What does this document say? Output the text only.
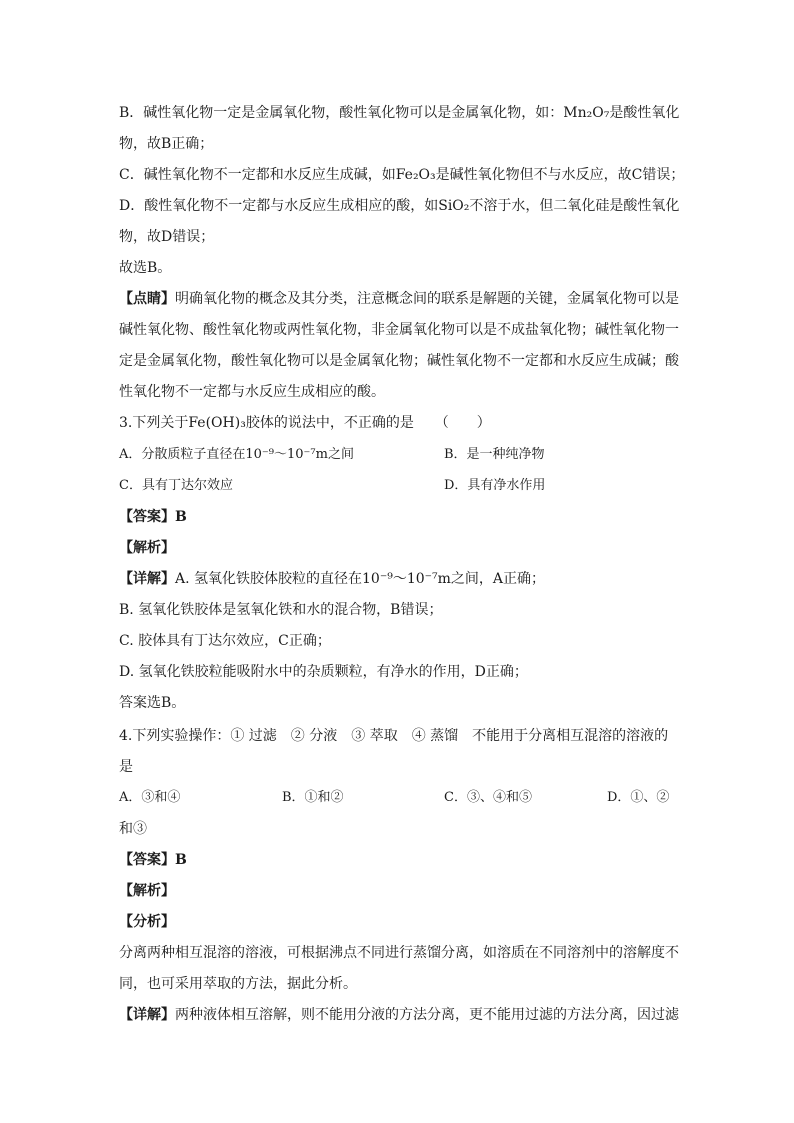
B．碱性氧化物一定是金属氧化物，酸性氧化物可以是金属氧化物，如：Mn₂O₇是酸性氧化
物，故B正确；
C．碱性氧化物不一定都和水反应生成碱，如Fe₂O₃是碱性氧化物但不与水反应，故C错误；
D．酸性氧化物不一定都与水反应生成相应的酸，如SiO₂不溶于水，但二氧化硅是酸性氧化
物，故D错误；
故选B。
【点睛】明确氧化物的概念及其分类，注意概念间的联系是解题的关键，金属氧化物可以是
碱性氧化物、酸性氧化物或两性氧化物，非金属氧化物可以是不成盐氧化物；碱性氧化物一
定是金属氧化物，酸性氧化物可以是金属氧化物；碱性氧化物不一定都和水反应生成碱；酸
性氧化物不一定都与水反应生成相应的酸。
3.下列关于Fe(OH)₃胶体的说法中，不正确的是　　（　　）
A．分散质粒子直径在10⁻⁹～10⁻⁷m之间	B．是一种纯净物
C．具有丁达尔效应	D．具有净水作用
【答案】B
【解析】
【详解】A. 氢氧化铁胶体胶粒的直径在10⁻⁹～10⁻⁷m之间，A正确；
B. 氢氧化铁胶体是氢氧化铁和水的混合物，B错误；
C. 胶体具有丁达尔效应，C正确；
D. 氢氧化铁胶粒能吸附水中的杂质颗粒，有净水的作用，D正确；
答案选B。
4.下列实验操作：① 过滤　② 分液　③ 萃取　④ 蒸馏　不能用于分离相互混溶的溶液的
是
A．③和④	B．①和②	C．③、④和⑤	D．①、②
和③
【答案】B
【解析】
【分析】
分离两种相互混溶的溶液，可根据沸点不同进行蒸馏分离，如溶质在不同溶剂中的溶解度不
同，也可采用萃取的方法，据此分析。
【详解】两种液体相互溶解，则不能用分液的方法分离，更不能用过滤的方法分离，因过滤
